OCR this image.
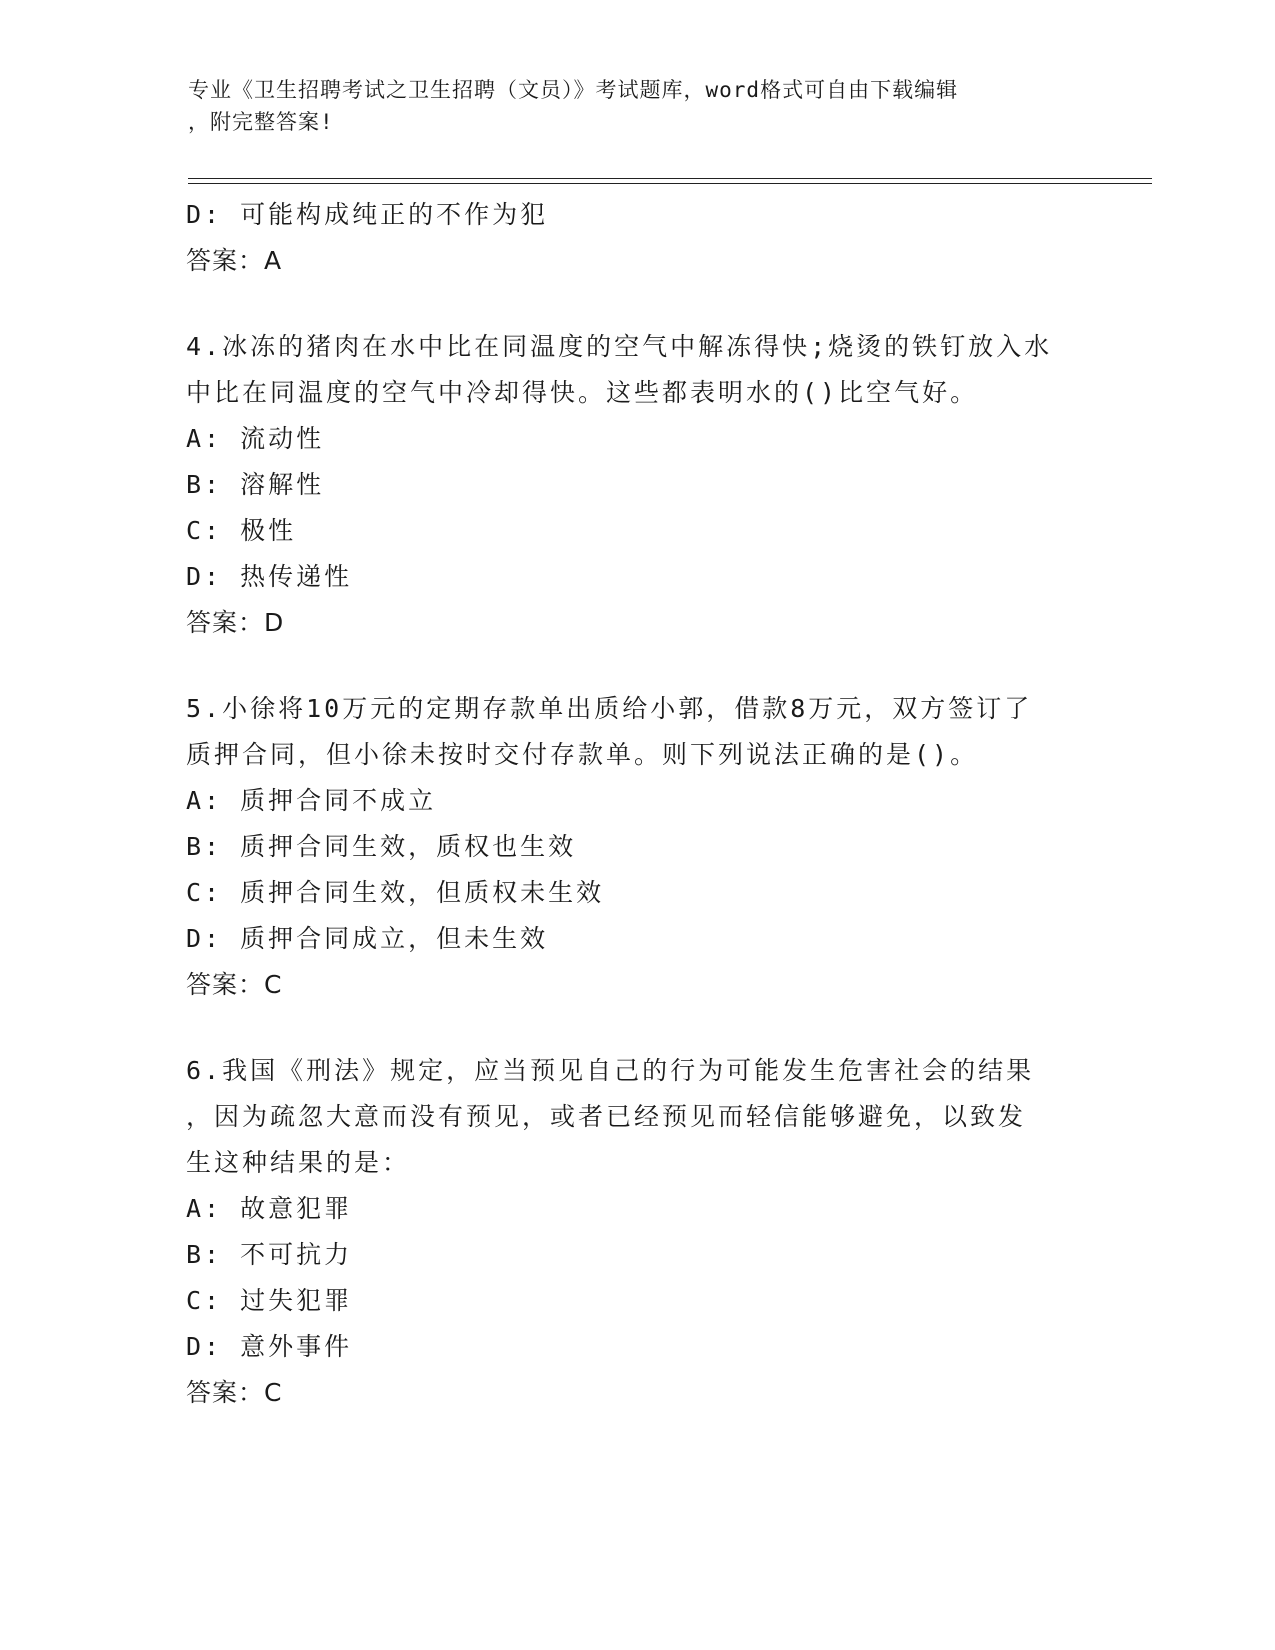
专业《卫生招聘考试之卫生招聘（文员）》考试题库，word格式可自由下载编辑
，附完整答案!
D: 可能构成纯正的不作为犯
答案：A
4.冰冻的猪肉在水中比在同温度的空气中解冻得快;烧烫的铁钉放入水
中比在同温度的空气中冷却得快。这些都表明水的()比空气好。
A: 流动性
B: 溶解性
C: 极性
D: 热传递性
答案：D
5.小徐将10万元的定期存款单出质给小郭，借款8万元，双方签订了
质押合同，但小徐未按时交付存款单。则下列说法正确的是()。
A: 质押合同不成立
B: 质押合同生效，质权也生效
C: 质押合同生效，但质权未生效
D: 质押合同成立，但未生效
答案：C
6.我国《刑法》规定，应当预见自己的行为可能发生危害社会的结果
，因为疏忽大意而没有预见，或者已经预见而轻信能够避免，以致发
生这种结果的是：
A: 故意犯罪
B: 不可抗力
C: 过失犯罪
D: 意外事件
答案：C
